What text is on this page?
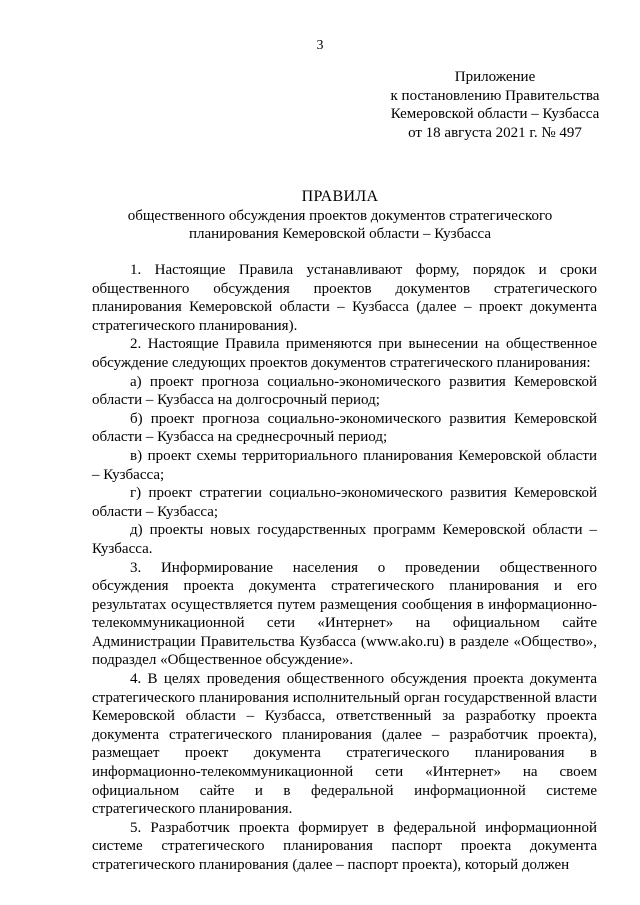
3
Приложение
к постановлению Правительства
Кемеровской области – Кузбасса
от 18 августа 2021 г. № 497
ПРАВИЛА
общественного обсуждения проектов документов стратегического
планирования Кемеровской области – Кузбасса

1. Настоящие Правила устанавливают форму, порядок и сроки общественного обсуждения проектов документов стратегического планирования Кемеровской области – Кузбасса (далее – проект документа стратегического планирования).

2. Настоящие Правила применяются при вынесении на общественное обсуждение следующих проектов документов стратегического планирования:

а) проект прогноза социально-экономического развития Кемеровской области – Кузбасса на долгосрочный период;

б) проект прогноза социально-экономического развития Кемеровской области – Кузбасса на среднесрочный период;

в) проект схемы территориального планирования Кемеровской области – Кузбасса;

г) проект стратегии социально-экономического развития Кемеровской области – Кузбасса;

д) проекты новых государственных программ Кемеровской области – Кузбасса.

3. Информирование населения о проведении общественного обсуждения проекта документа стратегического планирования и его результатах осуществляется путем размещения сообщения в информационно-телекоммуникационной сети «Интернет» на официальном сайте Администрации Правительства Кузбасса (www.ako.ru) в разделе «Общество», подраздел «Общественное обсуждение».

4. В целях проведения общественного обсуждения проекта документа стратегического планирования исполнительный орган государственной власти Кемеровской области – Кузбасса, ответственный за разработку проекта документа стратегического планирования (далее – разработчик проекта), размещает проект документа стратегического планирования в информационно-телекоммуникационной сети «Интернет» на своем официальном сайте и в федеральной информационной системе стратегического планирования.

5. Разработчик проекта формирует в федеральной информационной системе стратегического планирования паспорт проекта документа стратегического планирования (далее – паспорт проекта), который должен
